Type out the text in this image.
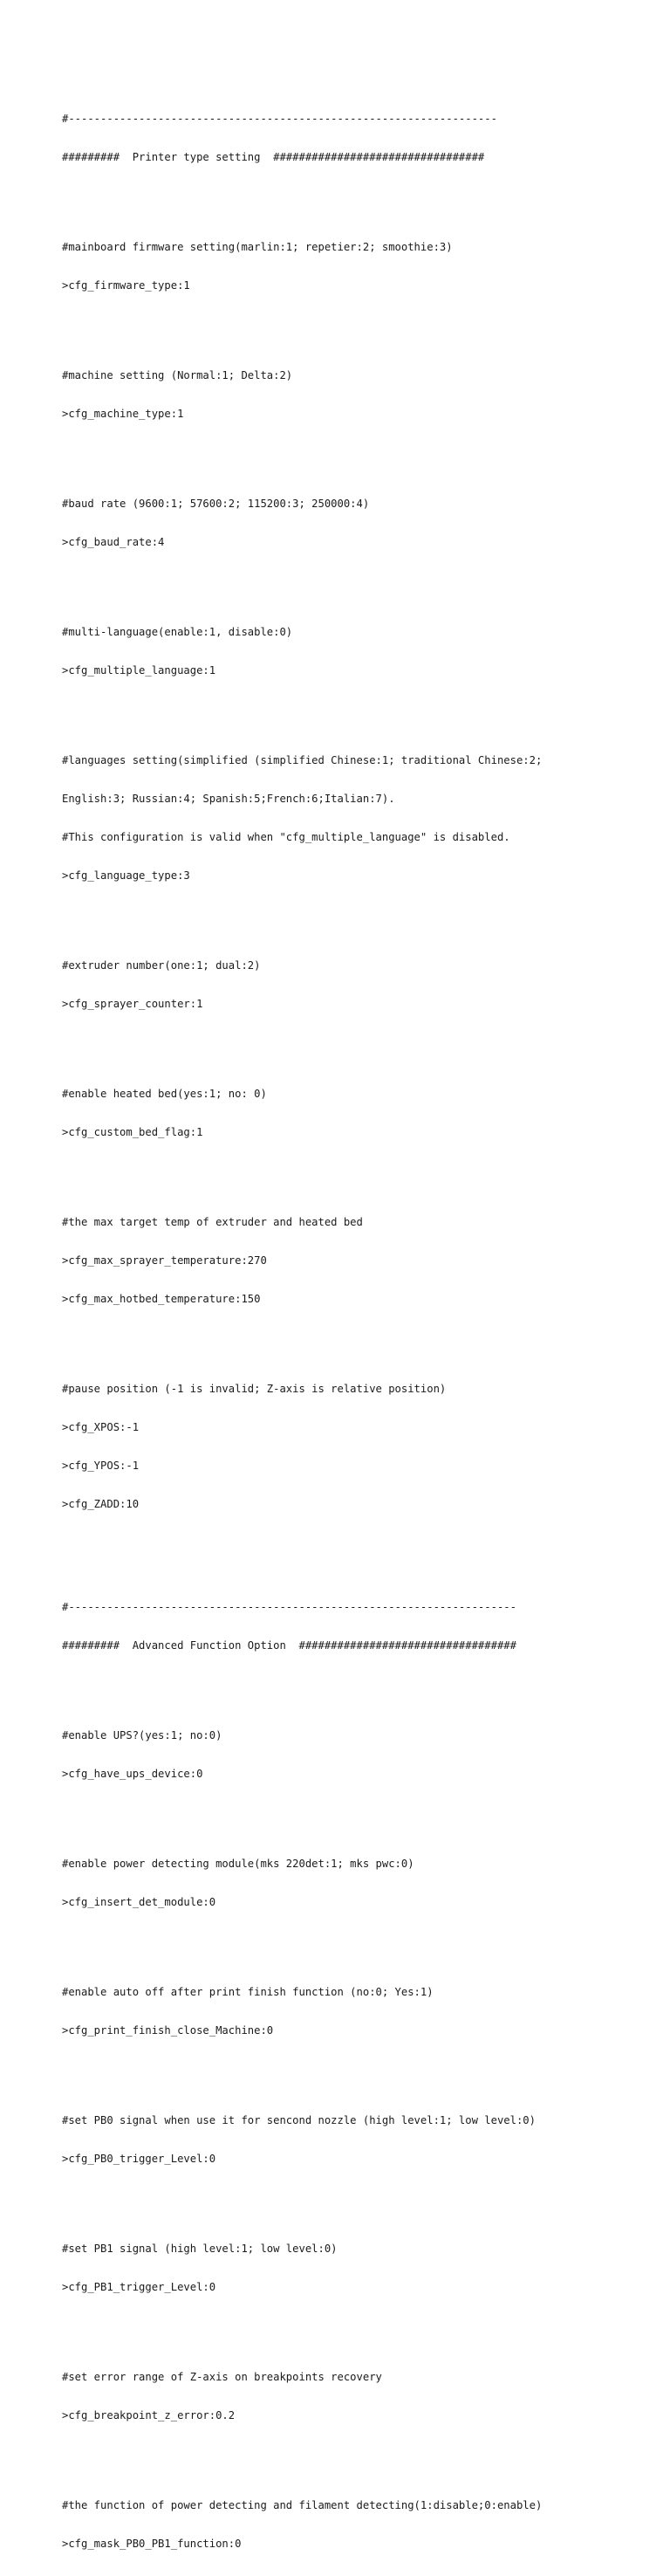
#-------------------------------------------------------------------

#########  Printer type setting  #################################

#mainboard firmware setting(marlin:1; repetier:2; smoothie:3)

>cfg_firmware_type:1

#machine setting (Normal:1; Delta:2)

>cfg_machine_type:1

#baud rate (9600:1; 57600:2; 115200:3; 250000:4)

>cfg_baud_rate:4

#multi-language(enable:1, disable:0)

>cfg_multiple_language:1

#languages setting(simplified (simplified Chinese:1; traditional Chinese:2;

English:3; Russian:4; Spanish:5;French:6;Italian:7).

#This configuration is valid when "cfg_multiple_language" is disabled.

>cfg_language_type:3

#extruder number(one:1; dual:2)

>cfg_sprayer_counter:1

#enable heated bed(yes:1; no: 0)

>cfg_custom_bed_flag:1

#the max target temp of extruder and heated bed

>cfg_max_sprayer_temperature:270

>cfg_max_hotbed_temperature:150

#pause position (-1 is invalid; Z-axis is relative position)

>cfg_XPOS:-1

>cfg_YPOS:-1

>cfg_ZADD:10

#----------------------------------------------------------------------

#########  Advanced Function Option  ##################################

#enable UPS?(yes:1; no:0)

>cfg_have_ups_device:0

#enable power detecting module(mks 220det:1; mks pwc:0)

>cfg_insert_det_module:0

#enable auto off after print finish function (no:0; Yes:1)

>cfg_print_finish_close_Machine:0

#set PB0 signal when use it for sencond nozzle (high level:1; low level:0)

>cfg_PB0_trigger_Level:0

#set PB1 signal (high level:1; low level:0)

>cfg_PB1_trigger_Level:0

#set error range of Z-axis on breakpoints recovery

>cfg_breakpoint_z_error:0.2

#the function of power detecting and filament detecting(1:disable;0:enable)

>cfg_mask_PB0_PB1_function:0
